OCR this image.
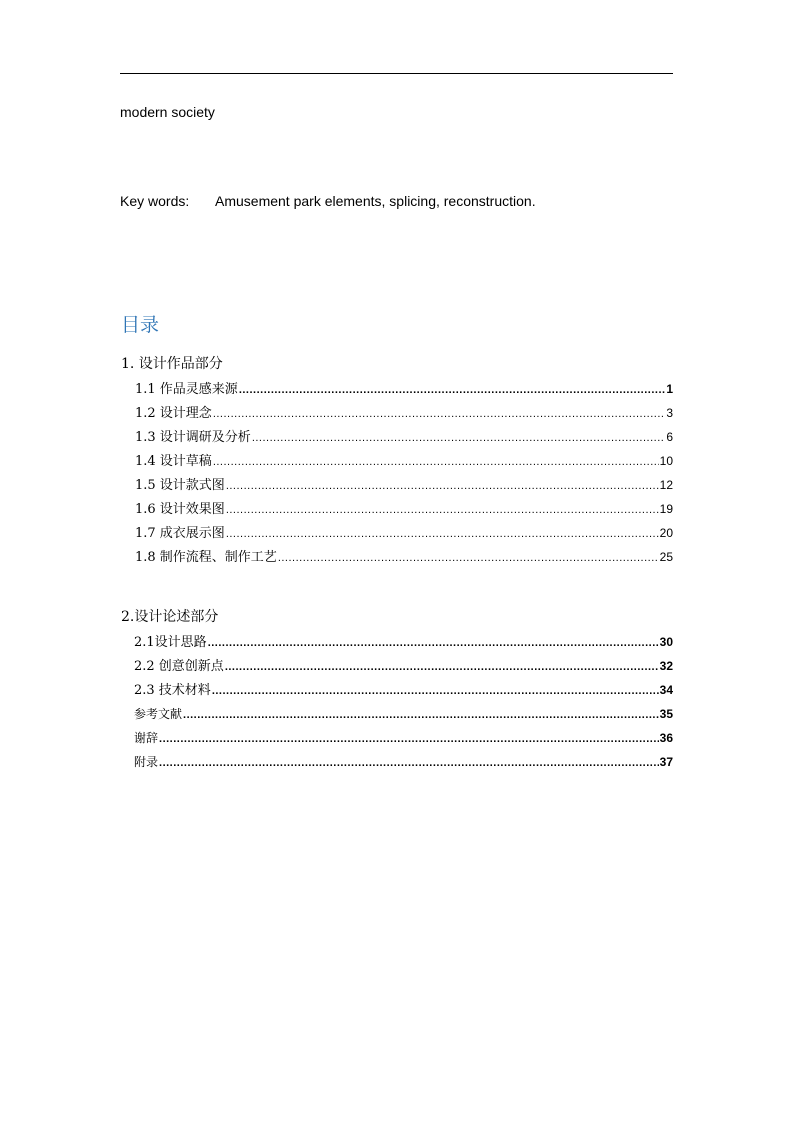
modern society
Key words:	Amusement park elements, splicing, reconstruction.
目录
1. 设计作品部分
1.1 作品灵感来源 .....	1
1.2 设计理念 .....	3
1.3 设计调研及分析 .....	6
1.4 设计草稿 .....	10
1.5 设计款式图 .....	12
1.6 设计效果图 .....	19
1.7 成衣展示图 .....	20
1.8 制作流程、制作工艺 .....	25
2.设计论述部分
2.1设计思路 .....	30
2.2 创意创新点 .....	32
2.3 技术材料 .....	34
参考文献 .....	35
谢辞 .....	36
附录 .....	37
